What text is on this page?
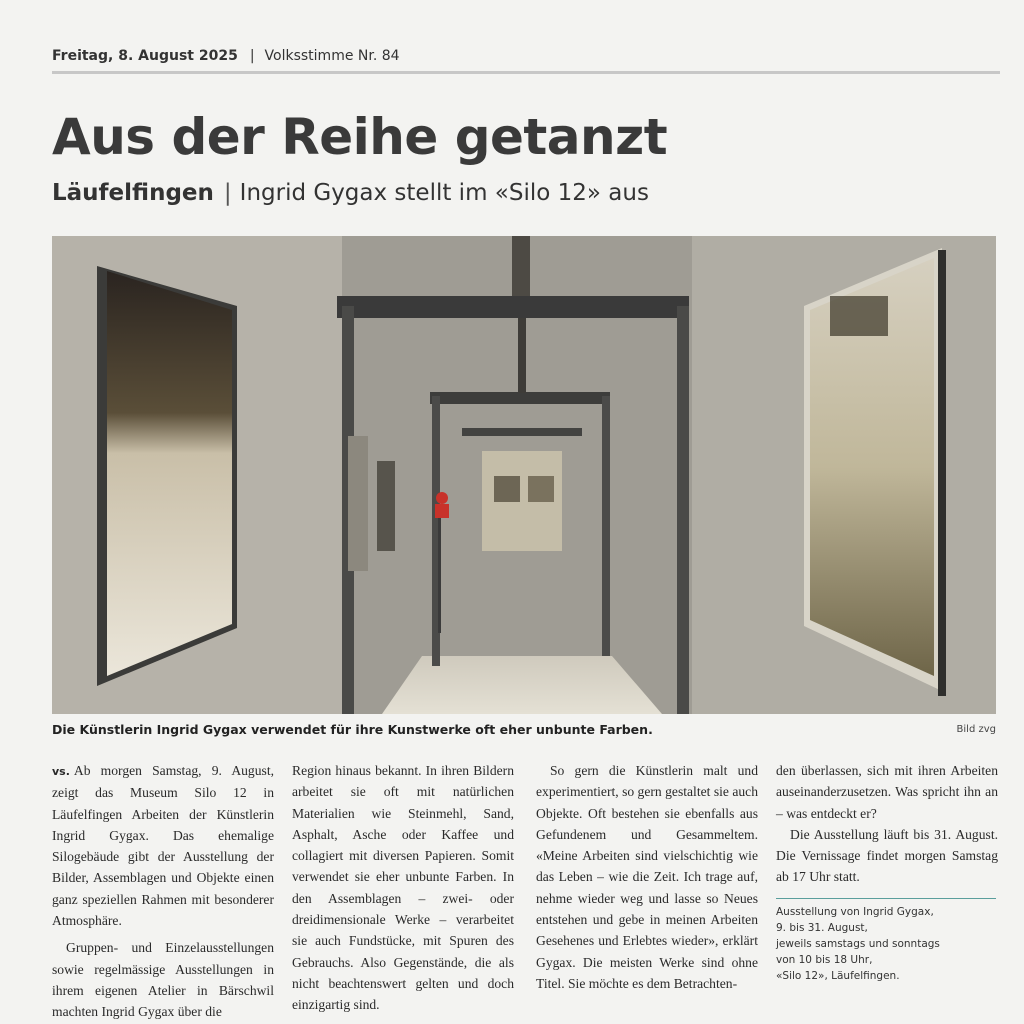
Freitag, 8. August 2025 | Volksstimme Nr. 84
Aus der Reihe getanzt
Läufelfingen | Ingrid Gygax stellt im «Silo 12» aus
Die Künstlerin Ingrid Gygax verwendet für ihre Kunstwerke oft eher unbunte Farben.	Bild zvg

vs. Ab morgen Samstag, 9. August, zeigt das Museum Silo 12 in Läufelfingen Arbeiten der Künstlerin Ingrid Gygax. Das ehemalige Silogebäude gibt der Ausstellung der Bilder, Assemblagen und Objekte einen ganz speziellen Rahmen mit besonderer Atmosphäre.

Gruppen- und Einzelausstellungen sowie regelmässige Ausstellungen in ihrem eigenen Atelier in Bärschwil machten Ingrid Gygax über die

Region hinaus bekannt. In ihren Bildern arbeitet sie oft mit natürlichen Materialien wie Steinmehl, Sand, Asphalt, Asche oder Kaffee und collagiert mit diversen Papieren. Somit verwendet sie eher unbunte Farben. In den Assemblagen – zwei- oder dreidimensionale Werke – verarbeitet sie auch Fundstücke, mit Spuren des Gebrauchs. Also Gegenstände, die als nicht beachtenswert gelten und doch einzigartig sind.

So gern die Künstlerin malt und experimentiert, so gern gestaltet sie auch Objekte. Oft bestehen sie ebenfalls aus Gefundenem und Gesammeltem. «Meine Arbeiten sind vielschichtig wie das Leben – wie die Zeit. Ich trage auf, nehme wieder weg und lasse so Neues entstehen und gebe in meinen Arbeiten Gesehenes und Erlebtes wieder», erklärt Gygax. Die meisten Werke sind ohne Titel. Sie möchte es dem Betrachten-

den überlassen, sich mit ihren Arbeiten auseinanderzusetzen. Was spricht ihn an – was entdeckt er?

Die Ausstellung läuft bis 31. August. Die Vernissage findet morgen Samstag ab 17 Uhr statt.

Ausstellung von Ingrid Gygax,
9. bis 31. August,
jeweils samstags und sonntags
von 10 bis 18 Uhr,
«Silo 12», Läufelfingen.
